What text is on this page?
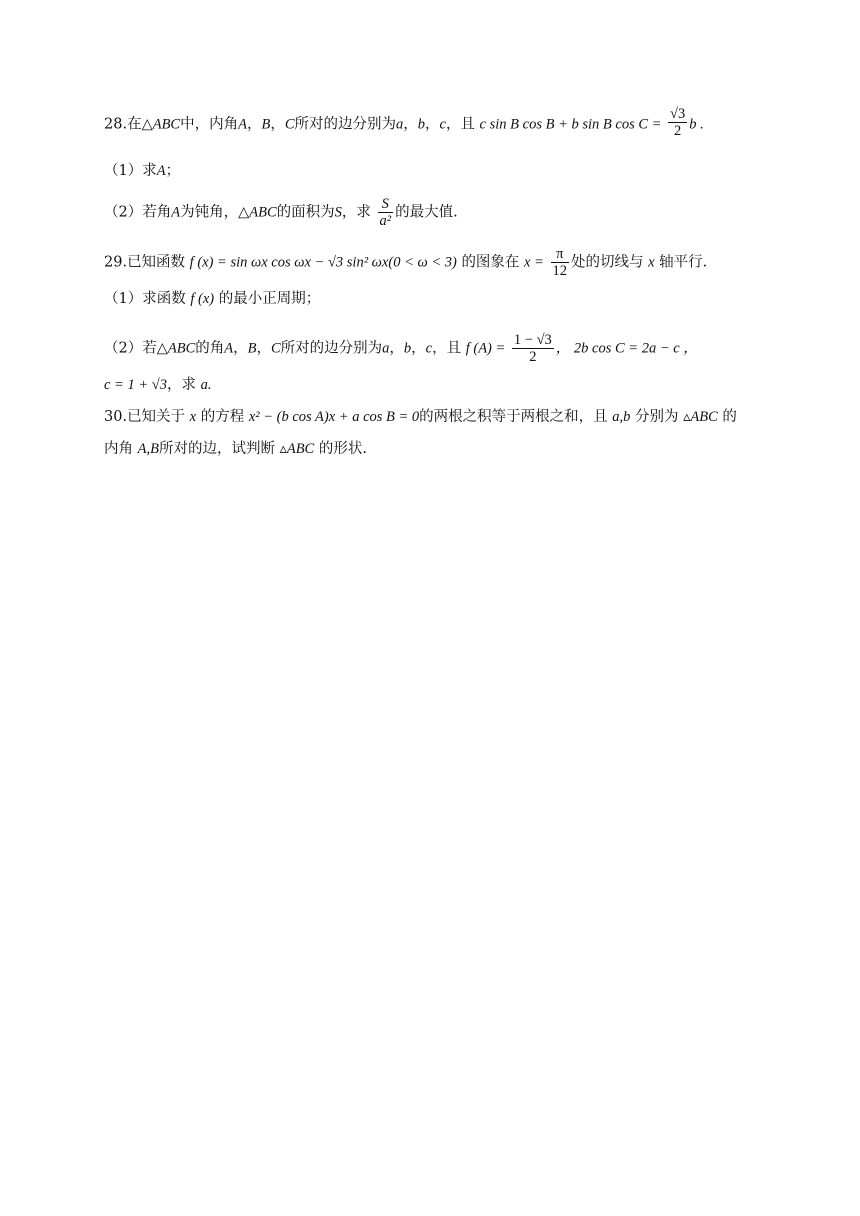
28.在△ABC中，内角A，B，C所对的边分别为a，b，c，且 c sin B cos B + b sin B $\cos C = \frac{√3}{2}$ b .
（1）求A；
（2）若角A为钝角，△ABC的面积为S，求 $\frac{S}{\text{a²}}$ 的最大值.
29.已知函数 f (x) = sin ωx cos ωx − √3 sin² ωx(0 < ω < 3) 的图象在 $x = \frac{\pi}{12}$ 处的切线与 x 轴平行.
（1）求函数 f (x) 的最小正周期；
（2）若△ABC的角A，B，C所对的边分别为a，b，c，且 f $(A) = \frac{1 - √3}{2}$ ， 2b cos C = 2a − c ，
c = 1 + √3，求 a.
30.已知关于 x 的方程 x² − (b cos A)x + a cos B = 0的两根之积等于两根之和，且 a,b 分别为 ▵ABC 的
内角 A,B所对的边，试判断 ▵ABC 的形状.
